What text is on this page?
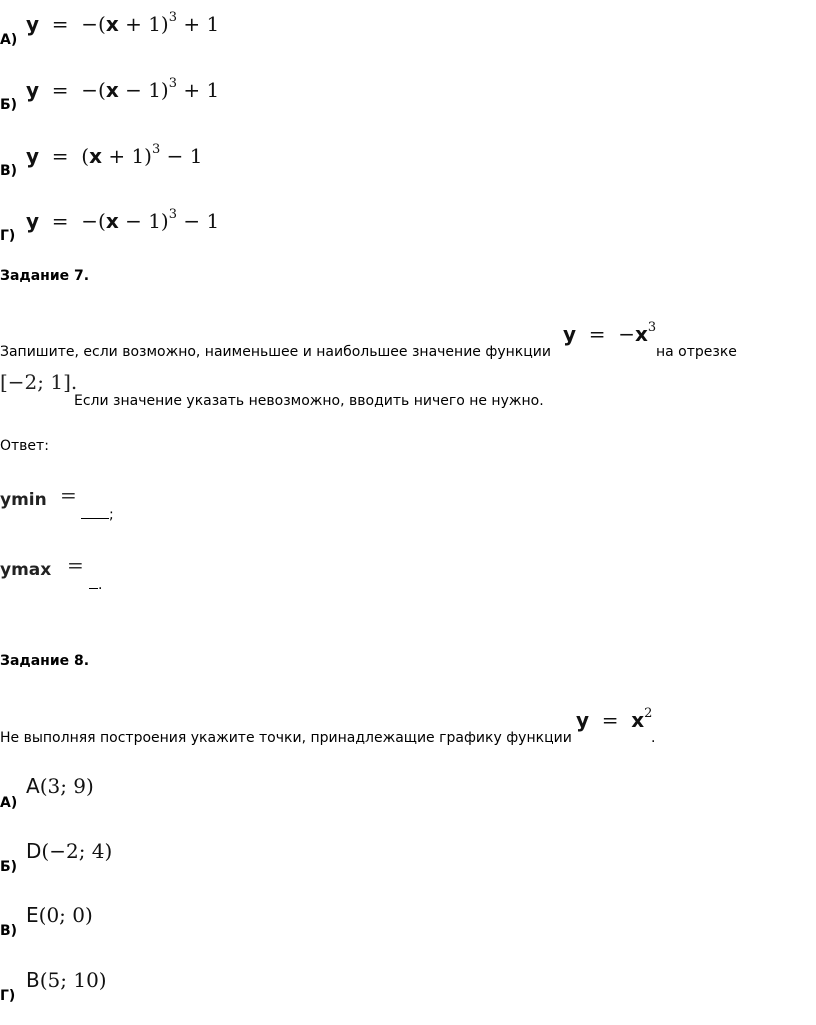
А)
$y = -(x + 1)^3 + 1$
Б)
$y = -(x - 1)^3 + 1$
В)
$y = (x + 1)^3 - 1$
Г)
$y = -(x - 1)^3 - 1$
Задание 7.
Запишите, если возможно, наименьшее и наибольшее значение функции
$y = -x^3$
на отрезке
[−2; 1].
Если значение указать невозможно, вводить ничего не нужно.
Ответ:
ymin =
;
ymax =
.
Задание 8.
Не выполняя построения укажите точки, принадлежащие графику функции
$y = x^2$
.
А)
A(3; 9)
Б)
D(−2; 4)
В)
E(0; 0)
Г)
B(5; 10)
